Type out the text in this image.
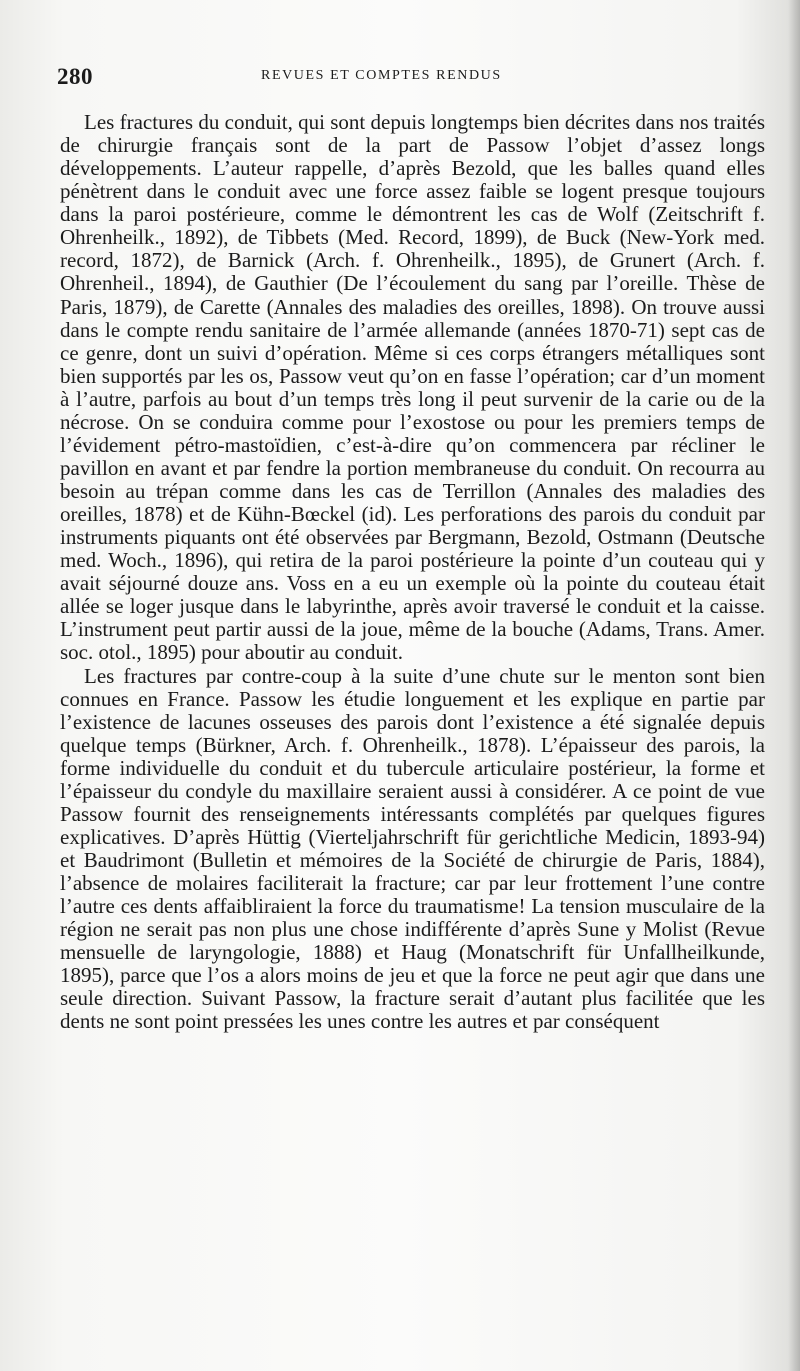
280	REVUES ET COMPTES RENDUS

Les fractures du conduit, qui sont depuis longtemps bien décrites dans nos traités de chirurgie français sont de la part de Passow l’objet d’assez longs développements. L’auteur rappelle, d’après Bezold, que les balles quand elles pénètrent dans le conduit avec une force assez faible se logent presque toujours dans la paroi postérieure, comme le démontrent les cas de Wolf (Zeitschrift f. Ohrenheilk., 1892), de Tibbets (Med. Record, 1899), de Buck (New-York med. record, 1872), de Barnick (Arch. f. Ohrenheilk., 1895), de Grunert (Arch. f. Ohrenheil., 1894), de Gauthier (De l’écoulement du sang par l’oreille. Thèse de Paris, 1879), de Carette (Annales des maladies des oreilles, 1898). On trouve aussi dans le compte rendu sanitaire de l’armée allemande (années 1870-71) sept cas de ce genre, dont un suivi d’opération. Même si ces corps étrangers métalliques sont bien supportés par les os, Passow veut qu’on en fasse l’opération; car d’un moment à l’autre, parfois au bout d’un temps très long il peut survenir de la carie ou de la nécrose. On se conduira comme pour l’exostose ou pour les premiers temps de l’évidement pétro-mastoïdien, c’est-à-dire qu’on commencera par récliner le pavillon en avant et par fendre la portion membraneuse du conduit. On recourra au besoin au trépan comme dans les cas de Terrillon (Annales des maladies des oreilles, 1878) et de Kühn-Bœckel (id). Les perforations des parois du conduit par instruments piquants ont été observées par Bergmann, Bezold, Ostmann (Deutsche med. Woch., 1896), qui retira de la paroi postérieure la pointe d’un couteau qui y avait séjourné douze ans. Voss en a eu un exemple où la pointe du couteau était allée se loger jusque dans le labyrinthe, après avoir traversé le conduit et la caisse. L’instrument peut partir aussi de la joue, même de la bouche (Adams, Trans. Amer. soc. otol., 1895) pour aboutir au conduit.

Les fractures par contre-coup à la suite d’une chute sur le menton sont bien connues en France. Passow les étudie longuement et les explique en partie par l’existence de lacunes osseuses des parois dont l’existence a été signalée depuis quelque temps (Bürkner, Arch. f. Ohrenheilk., 1878). L’épaisseur des parois, la forme individuelle du conduit et du tubercule articulaire postérieur, la forme et l’épaisseur du condyle du maxillaire seraient aussi à considérer. A ce point de vue Passow fournit des renseignements intéressants complétés par quelques figures explicatives. D’après Hüttig (Vierteljahrschrift für gerichtliche Medicin, 1893-94) et Baudrimont (Bulletin et mémoires de la Société de chirurgie de Paris, 1884), l’absence de molaires faciliterait la fracture; car par leur frottement l’une contre l’autre ces dents affaibliraient la force du traumatisme! La tension musculaire de la région ne serait pas non plus une chose indifférente d’après Sune y Molist (Revue mensuelle de laryngologie, 1888) et Haug (Monatschrift für Unfallheilkunde, 1895), parce que l’os a alors moins de jeu et que la force ne peut agir que dans une seule direction. Suivant Passow, la fracture serait d’autant plus facilitée que les dents ne sont point pressées les unes contre les autres et par conséquent
